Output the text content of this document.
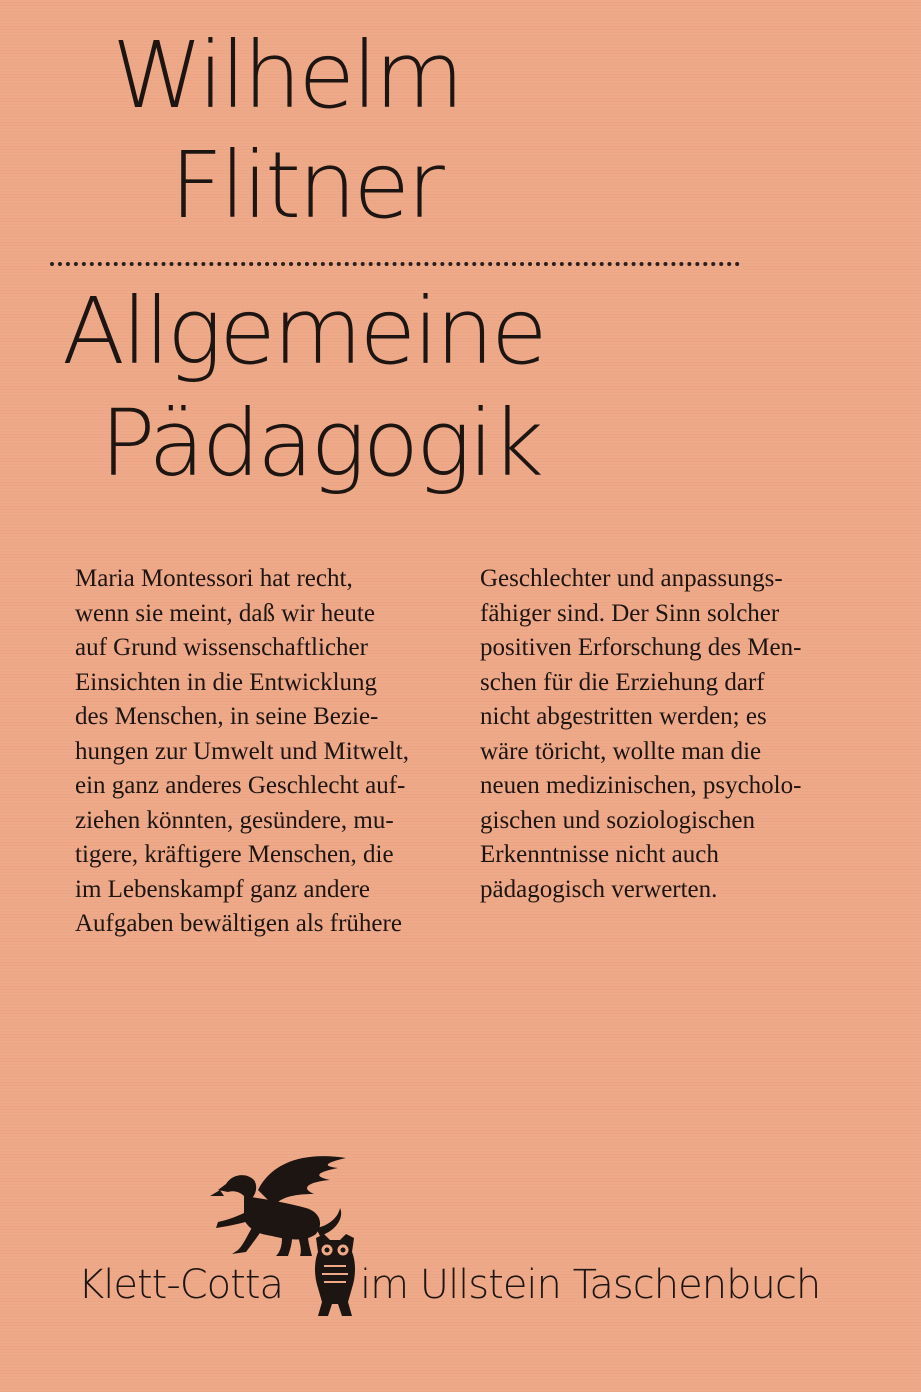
Wilhelm
Flitner
Allgemeine
Pädagogik
Maria Montessori hat recht,
wenn sie meint, daß wir heute
auf Grund wissenschaftlicher
Einsichten in die Entwicklung
des Menschen, in seine Bezie-
hungen zur Umwelt und Mitwelt,
ein ganz anderes Geschlecht auf-
ziehen könnten, gesündere, mu-
tigere, kräftigere Menschen, die
im Lebenskampf ganz andere
Aufgaben bewältigen als frühere
Geschlechter und anpassungs-
fähiger sind. Der Sinn solcher
positiven Erforschung des Men-
schen für die Erziehung darf
nicht abgestritten werden; es
wäre töricht, wollte man die
neuen medizinischen, psycholo-
gischen und soziologischen
Erkenntnisse nicht auch
pädagogisch verwerten.
Klett-Cotta im Ullstein Taschenbuch
